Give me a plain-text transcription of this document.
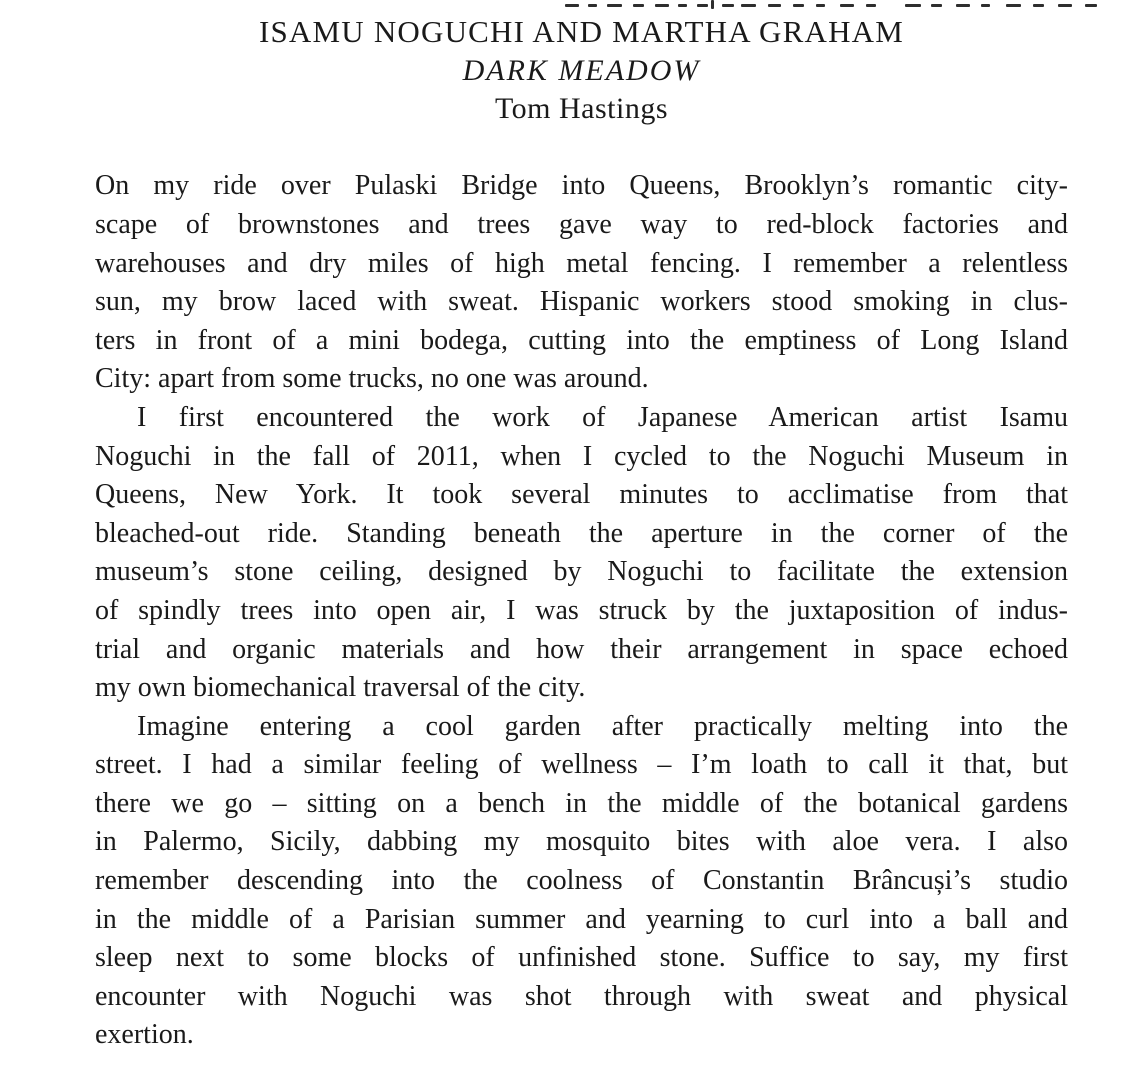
ISAMU NOGUCHI AND MARTHA GRAHAM
DARK MEADOW
Tom Hastings
On my ride over Pulaski Bridge into Queens, Brooklyn’s romantic city-
scape of brownstones and trees gave way to red-block factories and
warehouses and dry miles of high metal fencing. I remember a relentless
sun, my brow laced with sweat. Hispanic workers stood smoking in clus-
ters in front of a mini bodega, cutting into the emptiness of Long Island
City: apart from some trucks, no one was around.
I first encountered the work of Japanese American artist Isamu
Noguchi in the fall of 2011, when I cycled to the Noguchi Museum in
Queens, New York. It took several minutes to acclimatise from that
bleached-out ride. Standing beneath the aperture in the corner of the
museum’s stone ceiling, designed by Noguchi to facilitate the extension
of spindly trees into open air, I was struck by the juxtaposition of indus-
trial and organic materials and how their arrangement in space echoed
my own biomechanical traversal of the city.
Imagine entering a cool garden after practically melting into the
street. I had a similar feeling of wellness – I’m loath to call it that, but
there we go – sitting on a bench in the middle of the botanical gardens
in Palermo, Sicily, dabbing my mosquito bites with aloe vera. I also
remember descending into the coolness of Constantin Brâncuși’s studio
in the middle of a Parisian summer and yearning to curl into a ball and
sleep next to some blocks of unfinished stone. Suffice to say, my first
encounter with Noguchi was shot through with sweat and physical
exertion.
